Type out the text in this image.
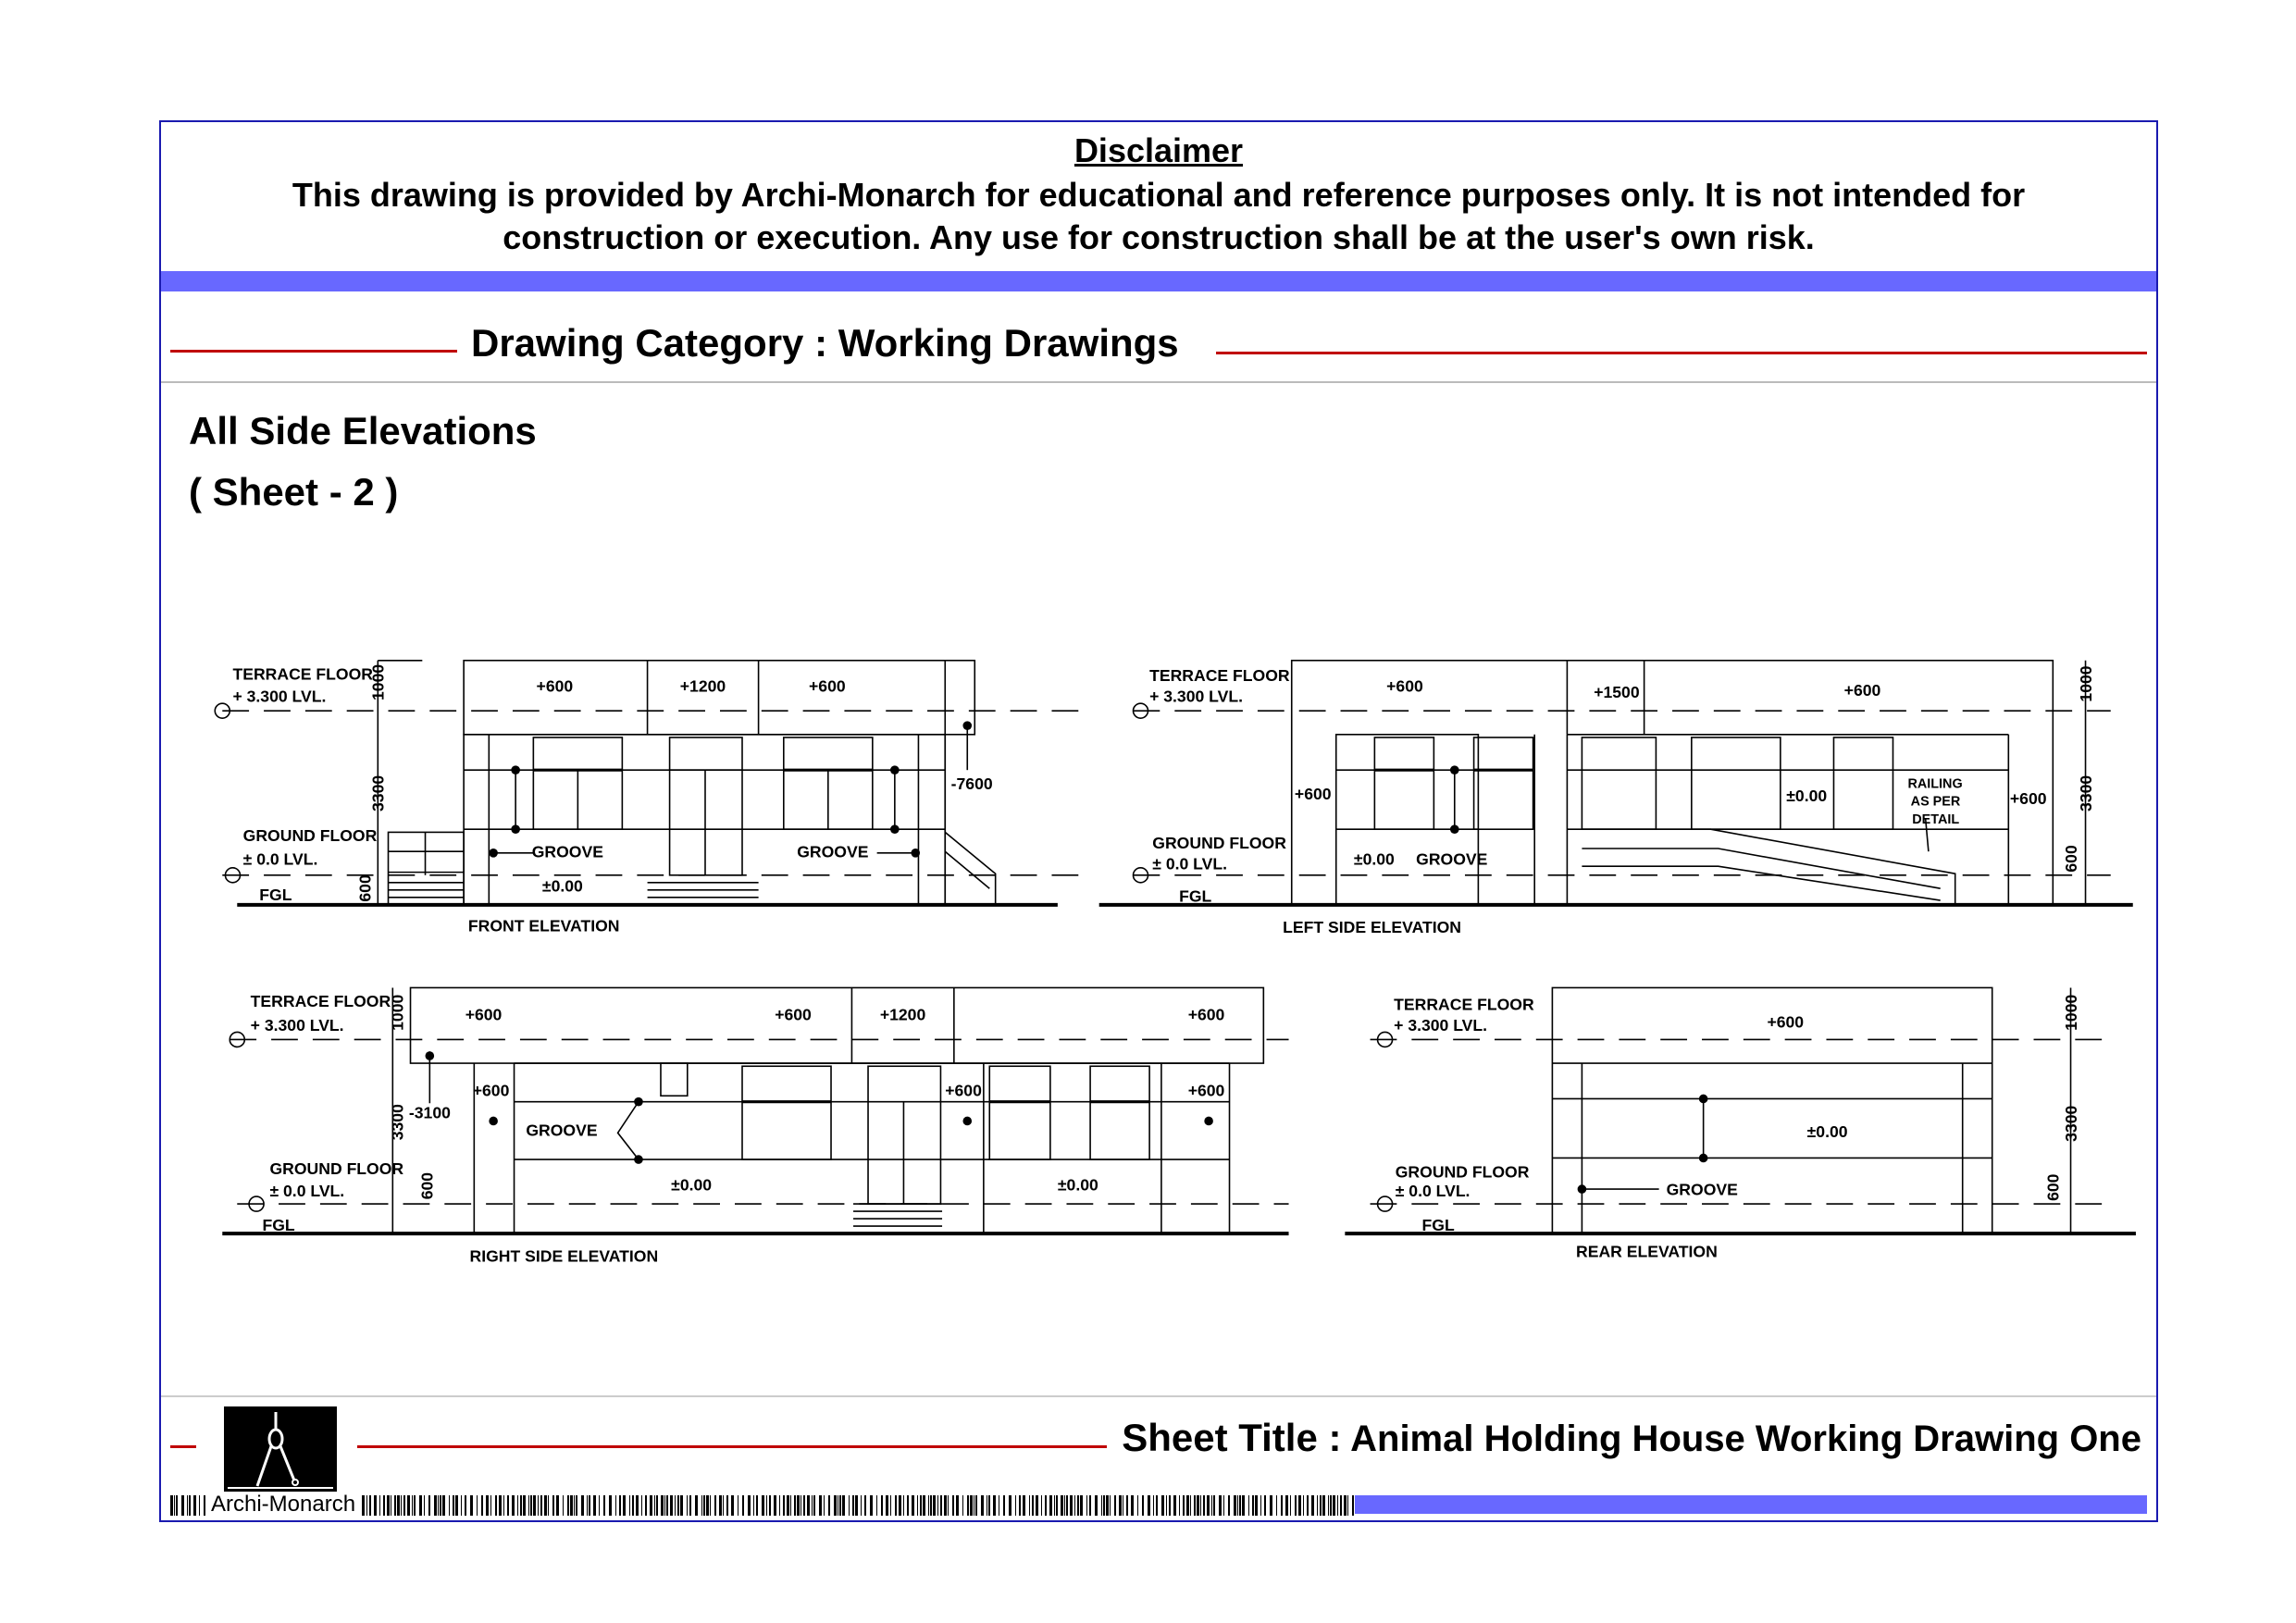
Disclaimer
This drawing is provided by Archi-Monarch for educational and reference purposes only. It is not intended for construction or execution. Any use for construction shall be at the user's own risk.
Drawing Category : Working Drawings
All Side Elevations
( Sheet - 2 )
Sheet Title : Animal Holding House Working Drawing One
Archi-Monarch
TERRACE FLOOR
+ 3.300 LVL.
GROUND FLOOR
± 0.0 LVL.
FGL
1000
3300
600
+600	+1200	+600
-7600
GROOVE	GROOVE
±0.00
FRONT ELEVATION
TERRACE FLOOR
+ 3.300 LVL.
GROUND FLOOR
± 0.0 LVL.
FGL
+600	+1500	+600
+600
±0.00 GROOVE
±0.00	+600
RAILING
AS PER
DETAIL
1000
3300
600
LEFT SIDE ELEVATION
TERRACE FLOOR
+ 3.300 LVL.
GROUND FLOOR
± 0.0 LVL.
FGL
1000
3300
600
+600	+600	+1200	+600
-3100
+600	+600	+600
GROOVE
±0.00	±0.00
RIGHT SIDE ELEVATION
TERRACE FLOOR
+ 3.300 LVL.
GROUND FLOOR
± 0.0 LVL.
FGL
+600
±0.00
GROOVE
1000
3300
600
REAR ELEVATION
